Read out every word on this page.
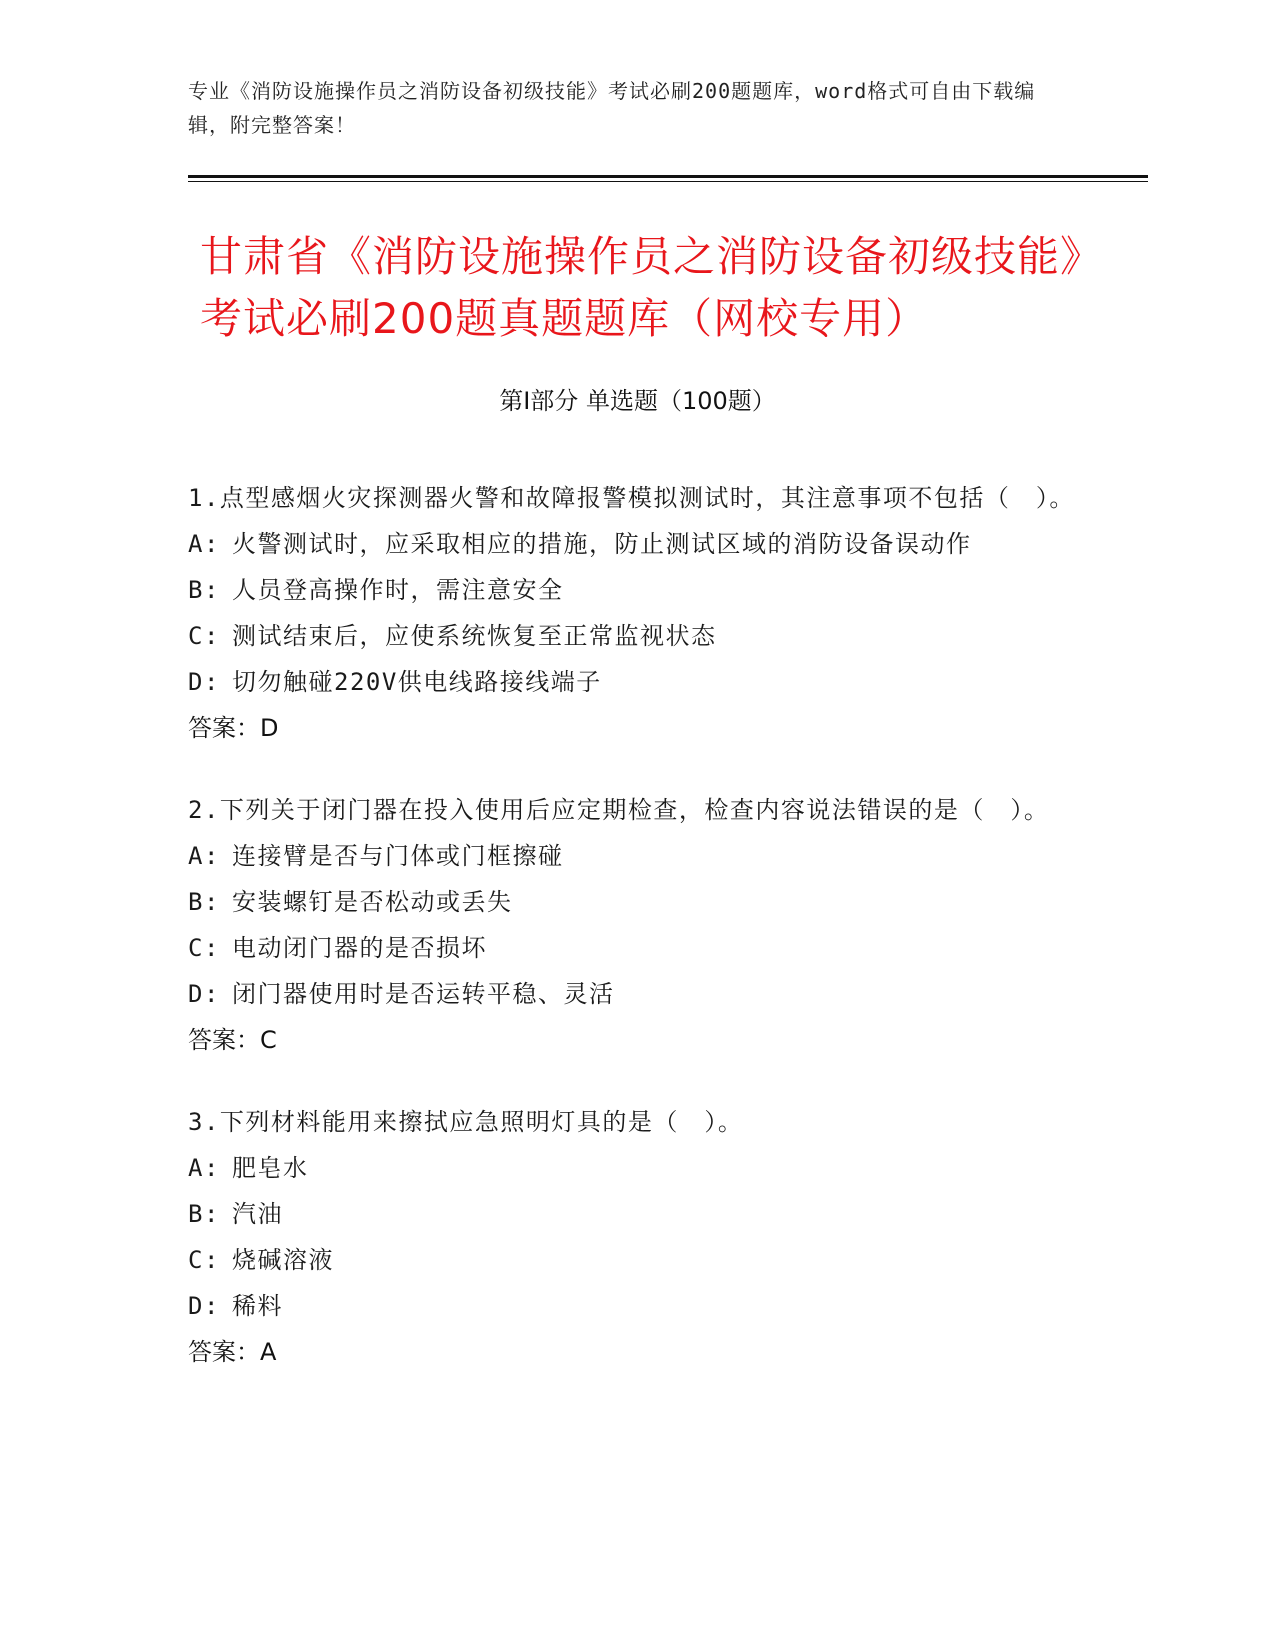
专业《消防设施操作员之消防设备初级技能》考试必刷200题题库，word格式可自由下载编辑，附完整答案！
甘肃省《消防设施操作员之消防设备初级技能》考试必刷200题真题题库（网校专用）
第I部分 单选题（100题）
1.点型感烟火灾探测器火警和故障报警模拟测试时，其注意事项不包括（　）。
A: 火警测试时，应采取相应的措施，防止测试区域的消防设备误动作
B: 人员登高操作时，需注意安全
C: 测试结束后，应使系统恢复至正常监视状态
D: 切勿触碰220V供电线路接线端子
答案：D
2.下列关于闭门器在投入使用后应定期检查，检查内容说法错误的是（　）。
A: 连接臂是否与门体或门框擦碰
B: 安装螺钉是否松动或丢失
C: 电动闭门器的是否损坏
D: 闭门器使用时是否运转平稳、灵活
答案：C
3.下列材料能用来擦拭应急照明灯具的是（　）。
A: 肥皂水
B: 汽油
C: 烧碱溶液
D: 稀料
答案：A
